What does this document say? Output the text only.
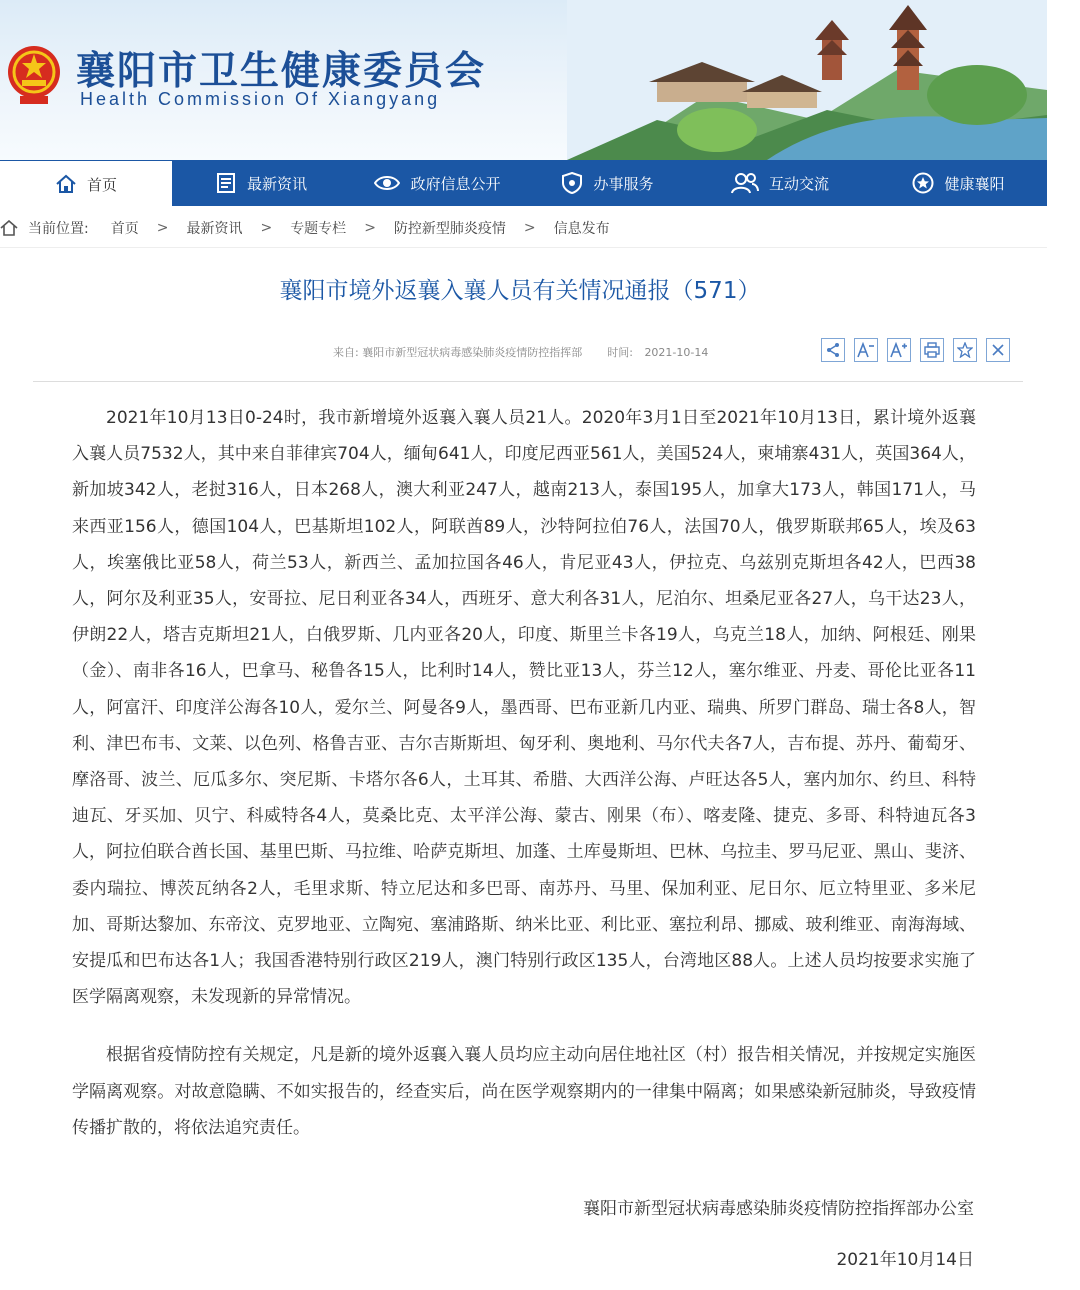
襄阳市卫生健康委员会
Health Commission Of Xiangyang
首页	最新资讯	政府信息公开	办事服务	互动交流	健康襄阳
当前位置: 首页 > 最新资讯 > 专题专栏 > 防控新型肺炎疫情 > 信息发布
襄阳市境外返襄入襄人员有关情况通报（571）
来自: 襄阳市新型冠状病毒感染肺炎疫情防控指挥部 时间: 2021-10-14

2021年10月13日0-24时，我市新增境外返襄入襄人员21人。2020年3月1日至2021年10月13日，累计境外返襄入襄人员7532人，其中来自菲律宾704人，缅甸641人，印度尼西亚561人，美国524人，柬埔寨431人，英国364人，新加坡342人，老挝316人，日本268人，澳大利亚247人，越南213人，泰国195人，加拿大173人，韩国171人，马来西亚156人，德国104人，巴基斯坦102人，阿联酋89人，沙特阿拉伯76人，法国70人，俄罗斯联邦65人，埃及63人，埃塞俄比亚58人，荷兰53人，新西兰、孟加拉国各46人，肯尼亚43人，伊拉克、乌兹别克斯坦各42人，巴西38人，阿尔及利亚35人，安哥拉、尼日利亚各34人，西班牙、意大利各31人，尼泊尔、坦桑尼亚各27人，乌干达23人，伊朗22人，塔吉克斯坦21人，白俄罗斯、几内亚各20人，印度、斯里兰卡各19人，乌克兰18人，加纳、阿根廷、刚果（金）、南非各16人，巴拿马、秘鲁各15人，比利时14人，赞比亚13人，芬兰12人，塞尔维亚、丹麦、哥伦比亚各11人，阿富汗、印度洋公海各10人，爱尔兰、阿曼各9人，墨西哥、巴布亚新几内亚、瑞典、所罗门群岛、瑞士各8人，智利、津巴布韦、文莱、以色列、格鲁吉亚、吉尔吉斯斯坦、匈牙利、奥地利、马尔代夫各7人，吉布提、苏丹、葡萄牙、摩洛哥、波兰、厄瓜多尔、突尼斯、卡塔尔各6人，土耳其、希腊、大西洋公海、卢旺达各5人，塞内加尔、约旦、科特迪瓦、牙买加、贝宁、科威特各4人，莫桑比克、太平洋公海、蒙古、刚果（布）、喀麦隆、捷克、多哥、科特迪瓦各3人，阿拉伯联合酋长国、基里巴斯、马拉维、哈萨克斯坦、加蓬、土库曼斯坦、巴林、乌拉圭、罗马尼亚、黑山、斐济、委内瑞拉、博茨瓦纳各2人，毛里求斯、特立尼达和多巴哥、南苏丹、马里、保加利亚、尼日尔、厄立特里亚、多米尼加、哥斯达黎加、东帝汶、克罗地亚、立陶宛、塞浦路斯、纳米比亚、利比亚、塞拉利昂、挪威、玻利维亚、南海海域、安提瓜和巴布达各1人；我国香港特别行政区219人，澳门特别行政区135人，台湾地区88人。上述人员均按要求实施了医学隔离观察，未发现新的异常情况。

根据省疫情防控有关规定，凡是新的境外返襄入襄人员均应主动向居住地社区（村）报告相关情况，并按规定实施医学隔离观察。对故意隐瞒、不如实报告的，经查实后，尚在医学观察期内的一律集中隔离；如果感染新冠肺炎，导致疫情传播扩散的，将依法追究责任。

襄阳市新型冠状病毒感染肺炎疫情防控指挥部办公室
2021年10月14日
